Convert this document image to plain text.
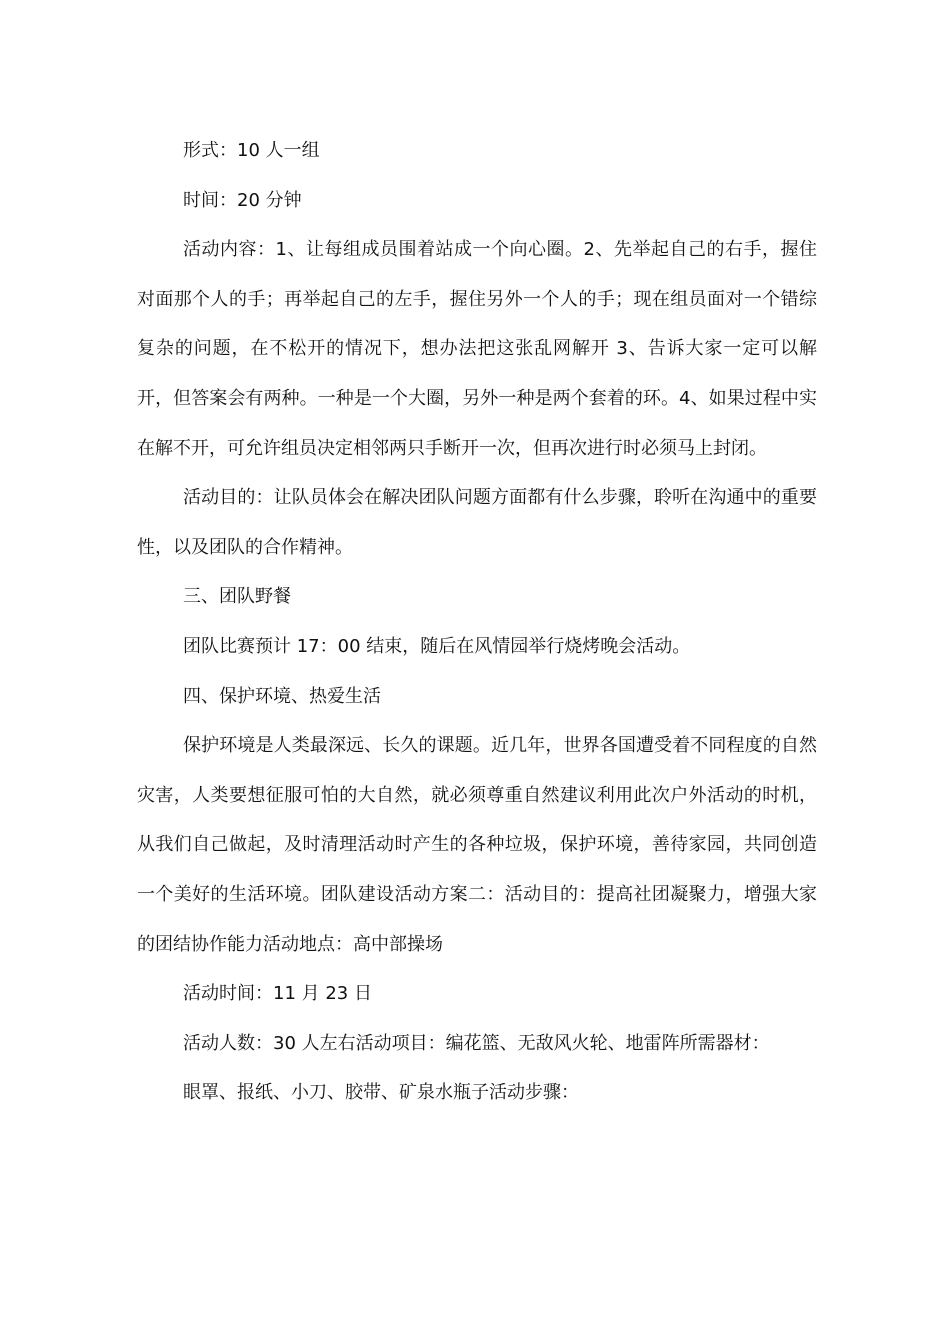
形式：10 人一组

时间：20 分钟

活动内容：1、让每组成员围着站成一个向心圈。2、先举起自己的右手，握住对面那个人的手；再举起自己的左手，握住另外一个人的手；现在组员面对一个错综复杂的问题，在不松开的情况下，想办法把这张乱网解开 3、告诉大家一定可以解开，但答案会有两种。一种是一个大圈，另外一种是两个套着的环。4、如果过程中实在解不开，可允许组员决定相邻两只手断开一次，但再次进行时必须马上封闭。

活动目的：让队员体会在解决团队问题方面都有什么步骤，聆听在沟通中的重要性，以及团队的合作精神。

三、团队野餐

团队比赛预计 17：00 结束，随后在风情园举行烧烤晚会活动。

四、保护环境、热爱生活

保护环境是人类最深远、长久的课题。近几年，世界各国遭受着不同程度的自然灾害，人类要想征服可怕的大自然，就必须尊重自然建议利用此次户外活动的时机，从我们自己做起，及时清理活动时产生的各种垃圾，保护环境，善待家园，共同创造一个美好的生活环境。团队建设活动方案二：活动目的：提高社团凝聚力，增强大家的团结协作能力活动地点：高中部操场

活动时间：11 月 23 日

活动人数：30 人左右活动项目：编花篮、无敌风火轮、地雷阵所需器材：

眼罩、报纸、小刀、胶带、矿泉水瓶子活动步骤：
